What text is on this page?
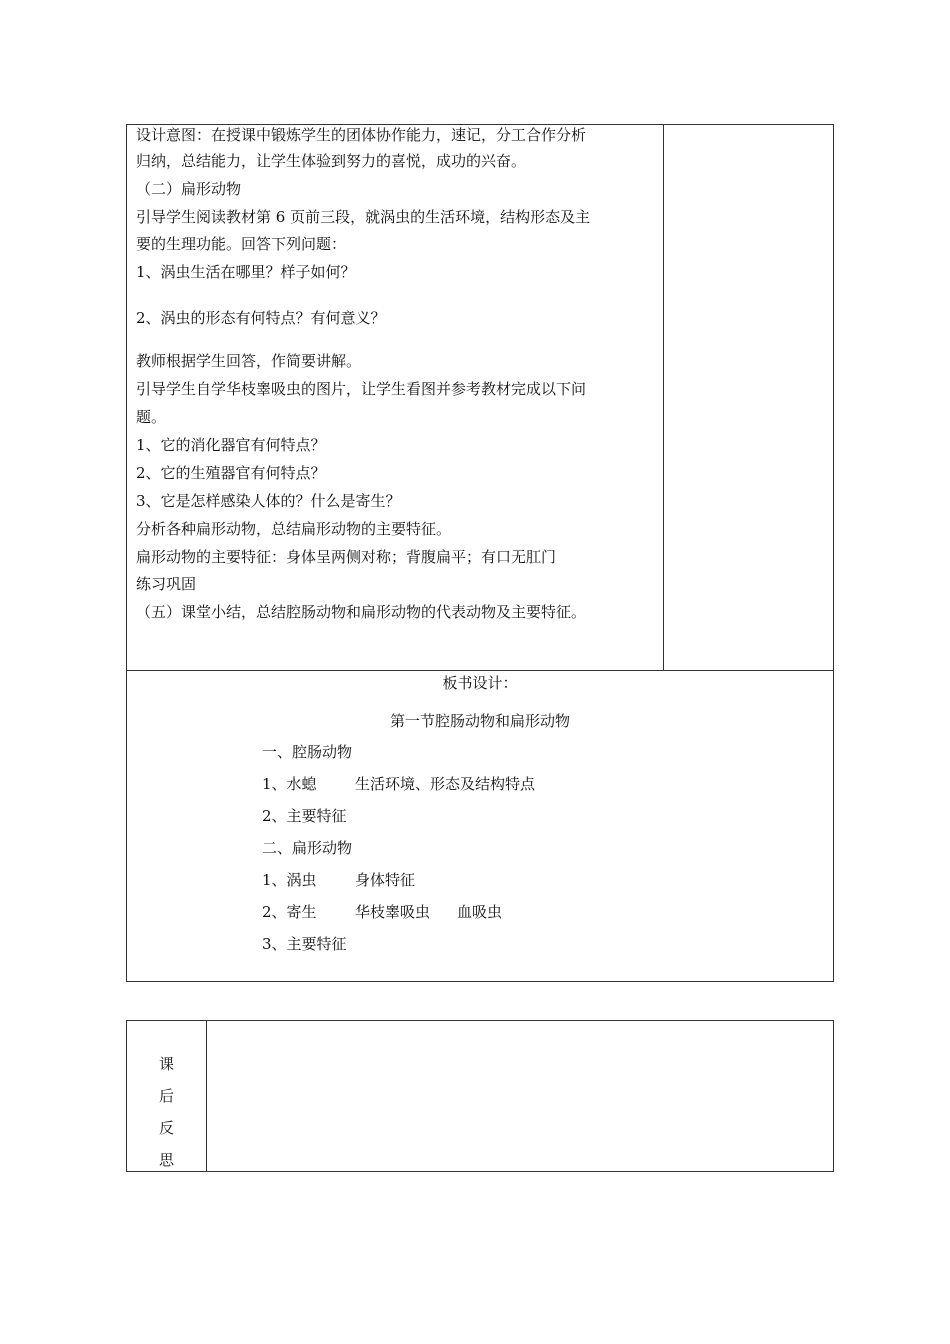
设计意图：在授课中锻炼学生的团体协作能力，速记，分工合作分析
归纳，总结能力，让学生体验到努力的喜悦，成功的兴奋。
（二）扁形动物
引导学生阅读教材第 6 页前三段，就涡虫的生活环境，结构形态及主
要的生理功能。回答下列问题：
1、涡虫生活在哪里？样子如何？
2、涡虫的形态有何特点？有何意义？
教师根据学生回答，作简要讲解。
引导学生自学华枝睾吸虫的图片，让学生看图并参考教材完成以下问
题。
1、它的消化器官有何特点？
2、它的生殖器官有何特点？
3、它是怎样感染人体的？什么是寄生？
分析各种扁形动物，总结扁形动物的主要特征。
扁形动物的主要特征：身体呈两侧对称；背腹扁平；有口无肛门
练习巩固
（五）课堂小结，总结腔肠动物和扁形动物的代表动物及主要特征。
板书设计：
第一节腔肠动物和扁形动物
一、腔肠动物
1、水螅	生活环境、形态及结构特点
2、主要特征
二、扁形动物
1、涡虫	身体特征
2、寄生	华枝睾吸虫 血吸虫
3、主要特征
课
后
反
思
